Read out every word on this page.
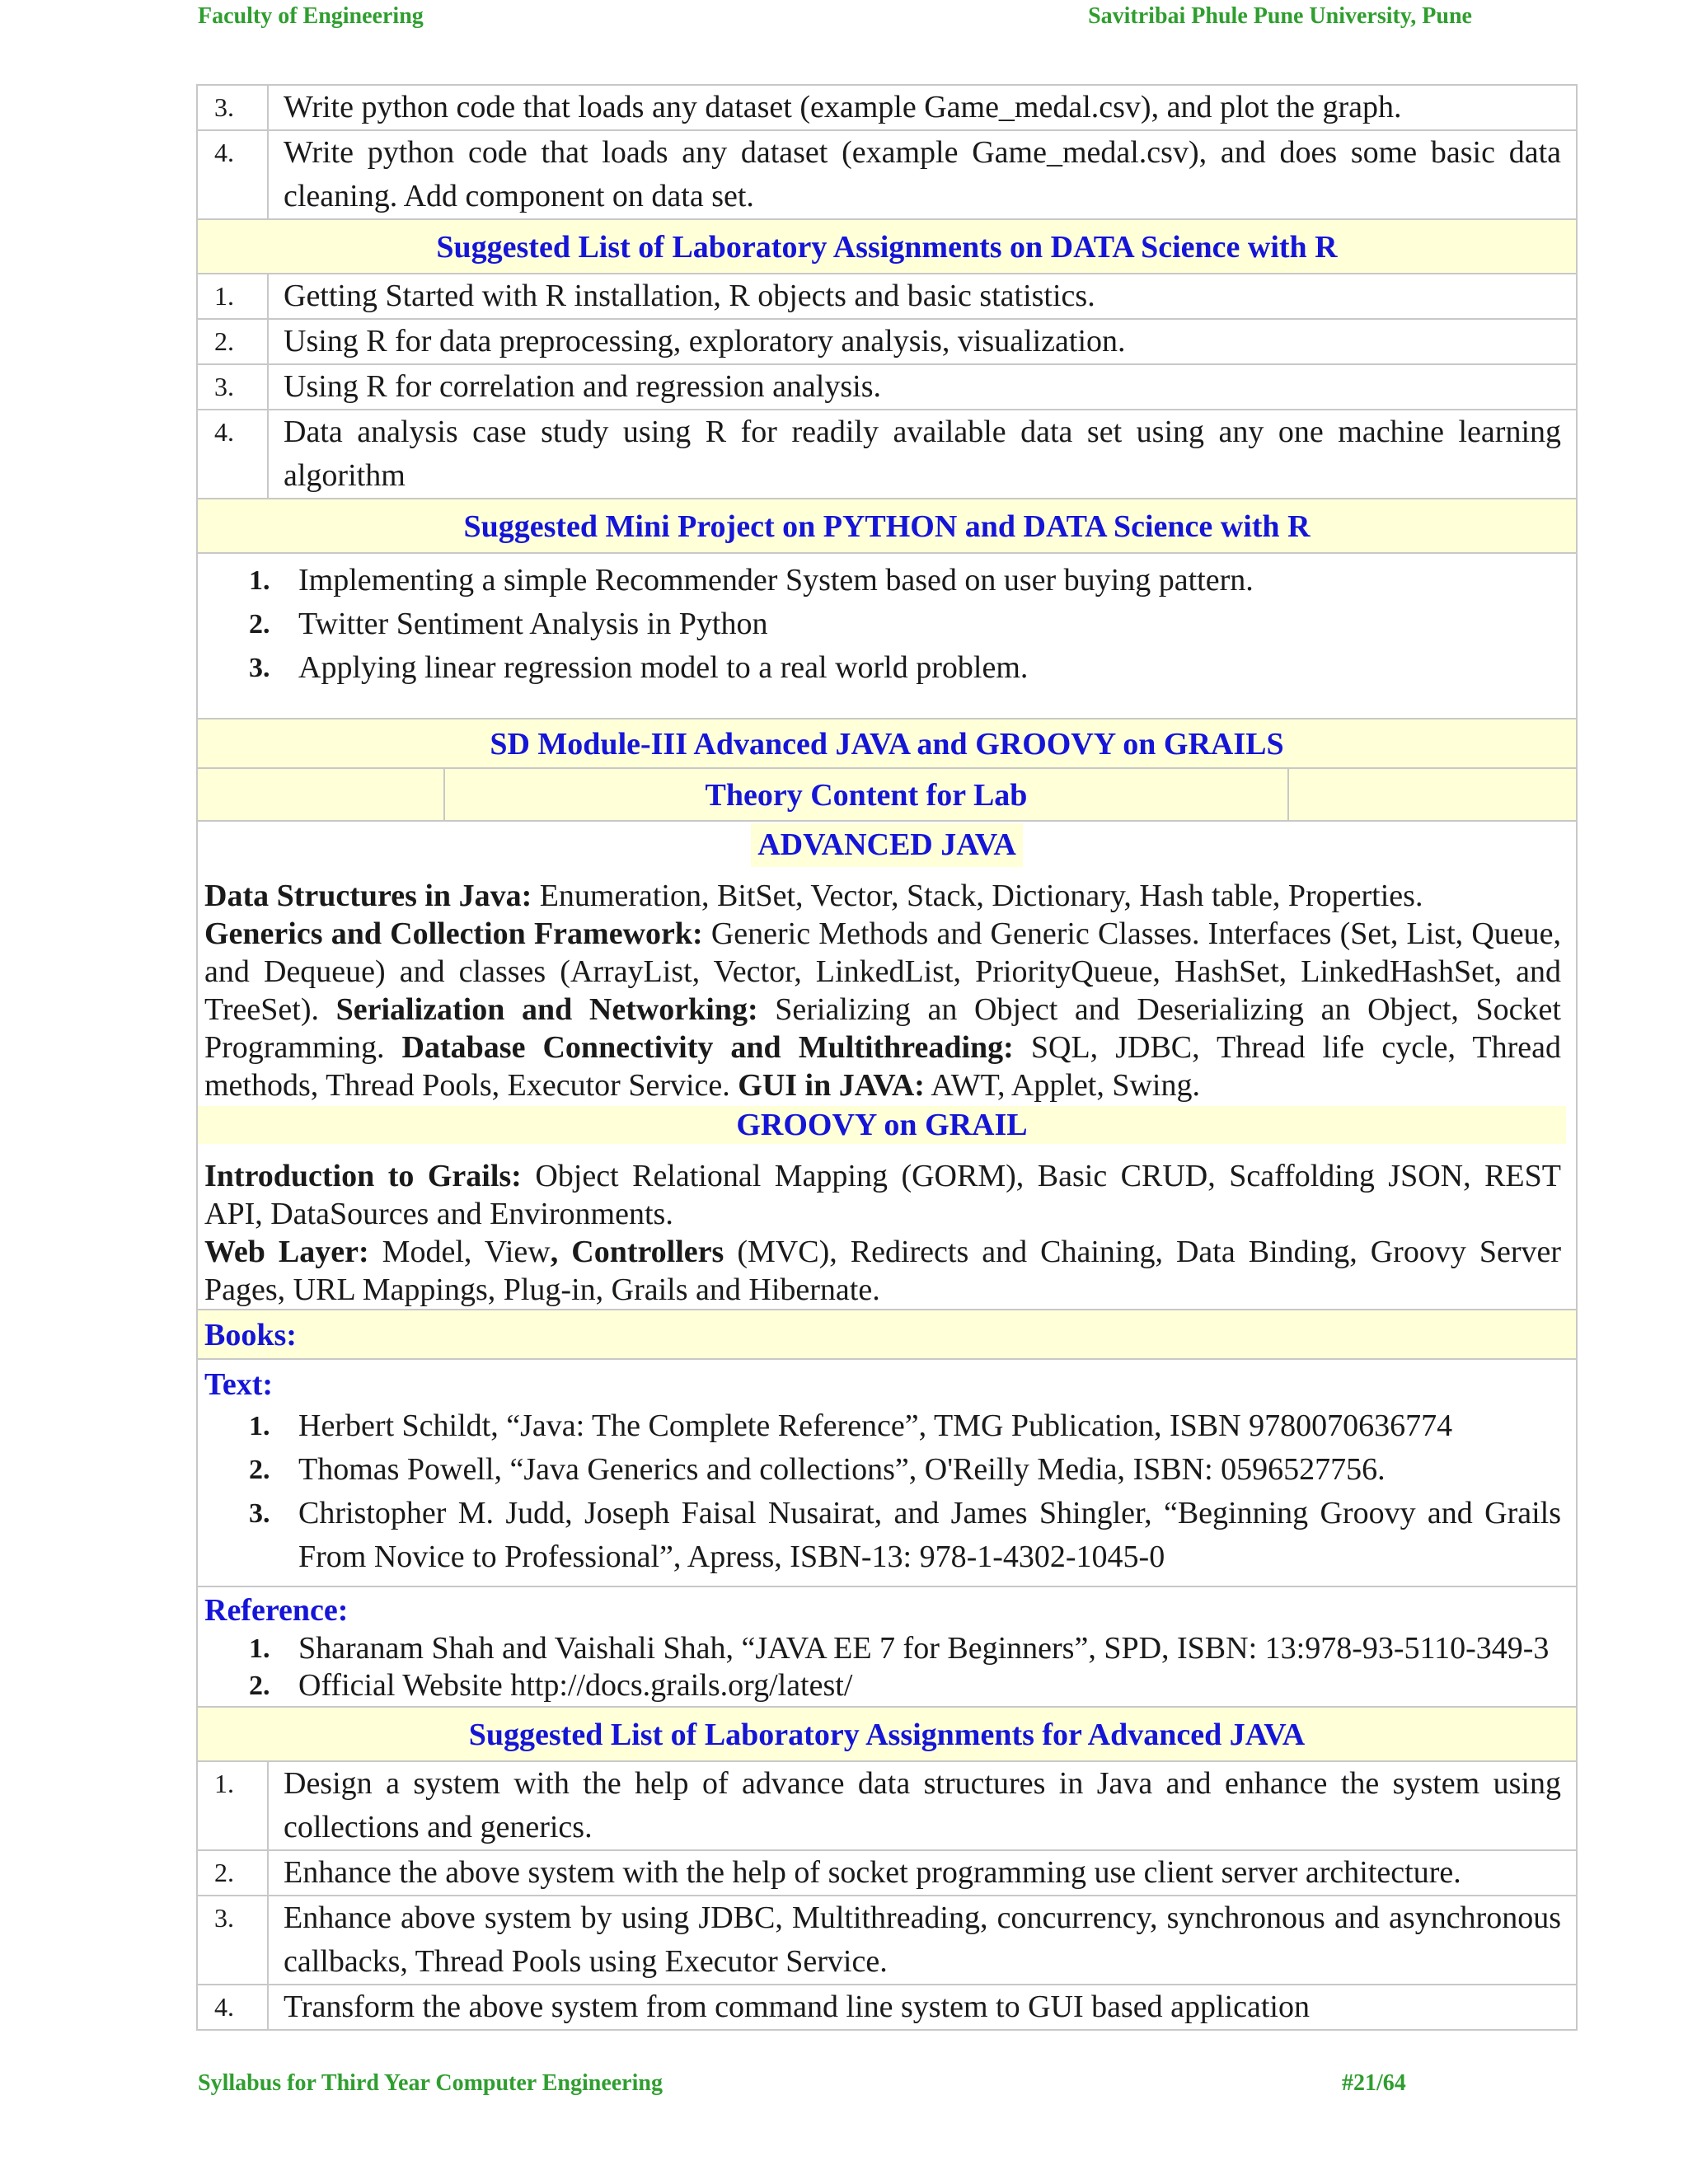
Faculty of Engineering	Savitribai Phule Pune University, Pune
3.	Write python code that loads any dataset (example Game_medal.csv), and plot the graph.
4.	Write python code that loads any dataset (example Game_medal.csv), and does some basic data cleaning. Add component on data set.
Suggested List of Laboratory Assignments on DATA Science with R
1.	Getting Started with R installation, R objects and basic statistics.
2.	Using R for data preprocessing, exploratory analysis, visualization.
3.	Using R for correlation and regression analysis.
4.	Data analysis case study using R for readily available data set using any one machine learning algorithm
Suggested Mini Project on PYTHON and DATA Science with R
1. Implementing a simple Recommender System based on user buying pattern.
2. Twitter Sentiment Analysis in Python
3. Applying linear regression model to a real world problem.
SD Module-III Advanced JAVA and GROOVY on GRAILS
Theory Content for Lab
ADVANCED JAVA
Data Structures in Java: Enumeration, BitSet, Vector, Stack, Dictionary, Hash table, Properties.
Generics and Collection Framework: Generic Methods and Generic Classes. Interfaces (Set, List, Queue, and Dequeue) and classes (ArrayList, Vector, LinkedList, PriorityQueue, HashSet, LinkedHashSet, and TreeSet). Serialization and Networking: Serializing an Object and Deserializing an Object, Socket Programming. Database Connectivity and Multithreading: SQL, JDBC, Thread life cycle, Thread methods, Thread Pools, Executor Service. GUI in JAVA: AWT, Applet, Swing.
GROOVY on GRAIL
Introduction to Grails: Object Relational Mapping (GORM), Basic CRUD, Scaffolding JSON, REST API, DataSources and Environments.
Web Layer: Model, View, Controllers (MVC), Redirects and Chaining, Data Binding, Groovy Server Pages, URL Mappings, Plug-in, Grails and Hibernate.
Books:
Text:
1. Herbert Schildt, “Java: The Complete Reference”, TMG Publication, ISBN 9780070636774
2. Thomas Powell, “Java Generics and collections”, O'Reilly Media, ISBN: 0596527756.
3. Christopher M. Judd, Joseph Faisal Nusairat, and James Shingler, “Beginning Groovy and Grails From Novice to Professional”, Apress, ISBN-13: 978-1-4302-1045-0
Reference:
1. Sharanam Shah and Vaishali Shah, “JAVA EE 7 for Beginners”, SPD, ISBN: 13:978-93-5110-349-3
2. Official Website http://docs.grails.org/latest/
Suggested List of Laboratory Assignments for Advanced JAVA
1.	Design a system with the help of advance data structures in Java and enhance the system using collections and generics.
2.	Enhance the above system with the help of socket programming use client server architecture.
3.	Enhance above system by using JDBC, Multithreading, concurrency, synchronous and asynchronous callbacks, Thread Pools using Executor Service.
4.	Transform the above system from command line system to GUI based application
Syllabus for Third Year Computer Engineering	#21/64
